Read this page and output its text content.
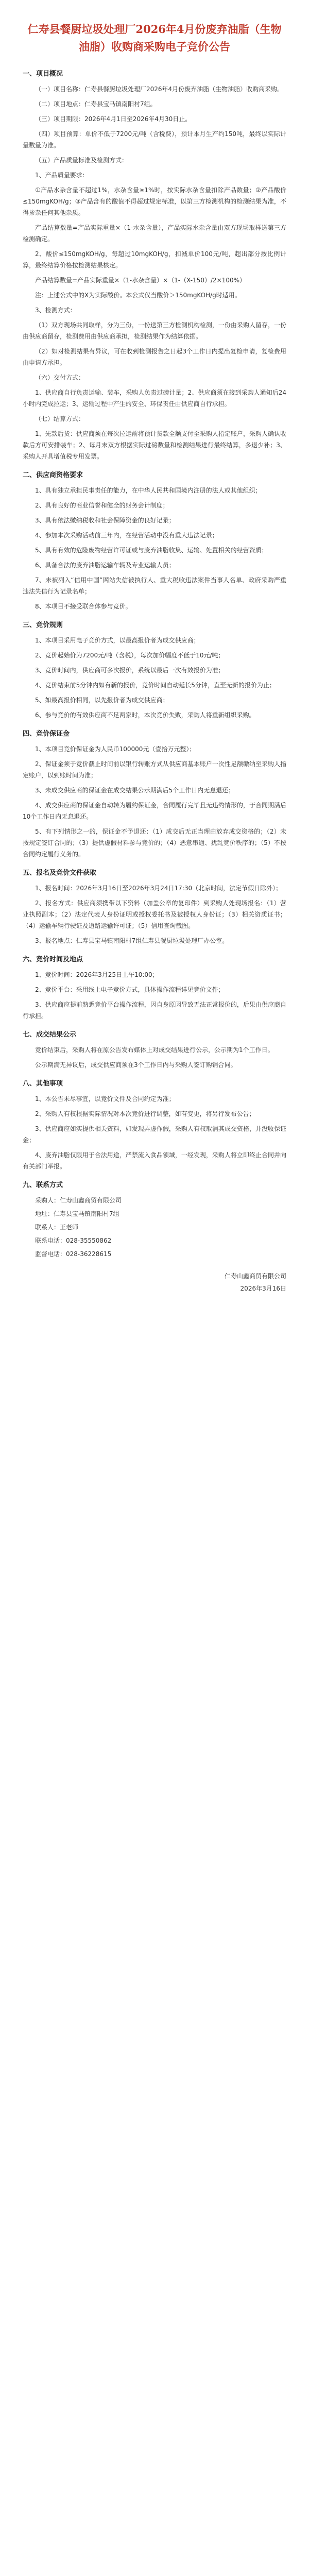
仁寿县餐厨垃圾处理厂2026年4月份废弃油脂（生物油脂）收购商采购电子竞价公告
一、项目概况

（一）项目名称：仁寿县餐厨垃圾处理厂2026年4月份废弃油脂（生物油脂）收购商采购。

（二）项目地点：仁寿县宝马镇南阳村7组。

（三）项目期限：2026年4月1日至2026年4月30日止。

（四）项目预算：单价不低于7200元/吨（含税费），预计本月生产约150吨，最终以实际计量数量为准。

（五）产品质量标准及检测方式：

1、产品质量要求：

①产品水杂含量不超过1%，水杂含量≥1%时，按实际水杂含量扣除产品数量；②产品酸价≤150mgKOH/g；③产品含有的酸值不得超过规定标准，以第三方检测机构的检测结果为准，不得掺杂任何其他杂质。

产品结算数量=产品实际重量×（1-水杂含量），产品实际水杂含量由双方现场取样送第三方检测确定。

2、酸价≤150mgKOH/g，每超过10mgKOH/g，扣减单价100元/吨，超出部分按比例计算，最终结算价格按检测结果核定。

产品结算数量=产品实际重量×（1-水杂含量）×（1-（X-150）/2×100%）

注：上述公式中的X为实际酸价。本公式仅当酸价＞150mgKOH/g时适用。

3、检测方式：

（1）双方现场共同取样，分为三份，一份送第三方检测机构检测，一份由采购人留存，一份由供应商留存，检测费用由供应商承担，检测结果作为结算依据。

（2）如对检测结果有异议，可在收到检测报告之日起3个工作日内提出复检申请，复检费用由申请方承担。

（六）交付方式：

1、供应商自行负责运输、装车，采购人负责过磅计量；2、供应商须在接到采购人通知后24小时内完成拉运；3、运输过程中产生的安全、环保责任由供应商自行承担。

（七）结算方式：

1、先款后货：供应商须在每次拉运前将预计货款全额支付至采购人指定账户，采购人确认收款后方可安排装车；2、每月末双方根据实际过磅数量和检测结果进行最终结算，多退少补；3、采购人开具增值税专用发票。

二、供应商资格要求

1、具有独立承担民事责任的能力，在中华人民共和国境内注册的法人或其他组织；

2、具有良好的商业信誉和健全的财务会计制度；

3、具有依法缴纳税收和社会保障资金的良好记录；

4、参加本次采购活动前三年内，在经营活动中没有重大违法记录；

5、具有有效的危险废物经营许可证或与废弃油脂收集、运输、处置相关的经营资质；

6、具备合法的废弃油脂运输车辆及专业运输人员；

7、未被列入“信用中国”网站失信被执行人、重大税收违法案件当事人名单、政府采购严重违法失信行为记录名单；

8、本项目不接受联合体参与竞价。

三、竞价规则

1、本项目采用电子竞价方式，以最高报价者为成交供应商；

2、竞价起始价为7200元/吨（含税），每次加价幅度不低于10元/吨；

3、竞价时间内，供应商可多次报价，系统以最后一次有效报价为准；

4、竞价结束前5分钟内如有新的报价，竞价时间自动延长5分钟，直至无新的报价为止；

5、如最高报价相同，以先报价者为成交供应商；

6、参与竞价的有效供应商不足两家时，本次竞价失败，采购人将重新组织采购。

四、竞价保证金

1、本项目竞价保证金为人民币100000元（壹拾万元整）；

2、保证金须于竞价截止时间前以银行转账方式从供应商基本账户一次性足额缴纳至采购人指定账户，以到账时间为准；

3、未成交供应商的保证金在成交结果公示期满后5个工作日内无息退还；

4、成交供应商的保证金自动转为履约保证金，合同履行完毕且无违约情形的，于合同期满后10个工作日内无息退还。

5、有下列情形之一的，保证金不予退还：（1）成交后无正当理由放弃成交资格的；（2）未按规定签订合同的；（3）提供虚假材料参与竞价的；（4）恶意串通、扰乱竞价秩序的；（5）不按合同约定履行义务的。

五、报名及竞价文件获取

1、报名时间：2026年3月16日至2026年3月24日17:30（北京时间，法定节假日除外）；

2、报名方式：供应商须携带以下资料（加盖公章的复印件）到采购人处现场报名：（1）营业执照副本；（2）法定代表人身份证明或授权委托书及被授权人身份证；（3）相关资质证书；（4）运输车辆行驶证及道路运输许可证；（5）信用查询截图。

3、报名地点：仁寿县宝马镇南阳村7组仁寿县餐厨垃圾处理厂办公室。

六、竞价时间及地点

1、竞价时间：2026年3月25日上午10:00；

2、竞价平台：采用线上电子竞价方式，具体操作流程详见竞价文件；

3、供应商应提前熟悉竞价平台操作流程，因自身原因导致无法正常报价的，后果由供应商自行承担。

七、成交结果公示

竞价结束后，采购人将在原公告发布媒体上对成交结果进行公示，公示期为1个工作日。

公示期满无异议后，成交供应商须在3个工作日内与采购人签订购销合同。

八、其他事项

1、本公告未尽事宜，以竞价文件及合同约定为准；

2、采购人有权根据实际情况对本次竞价进行调整，如有变更，将另行发布公告；

3、供应商应如实提供相关资料，如发现弄虚作假，采购人有权取消其成交资格，并没收保证金；

4、废弃油脂仅限用于合法用途，严禁流入食品领域，一经发现，采购人将立即终止合同并向有关部门举报。

九、联系方式

采购人：仁寿山鑫商贸有限公司

地址：仁寿县宝马镇南阳村7组

联系人：王老师

联系电话：028-35550862

监督电话：028-36228615

仁寿山鑫商贸有限公司
2026年3月16日
